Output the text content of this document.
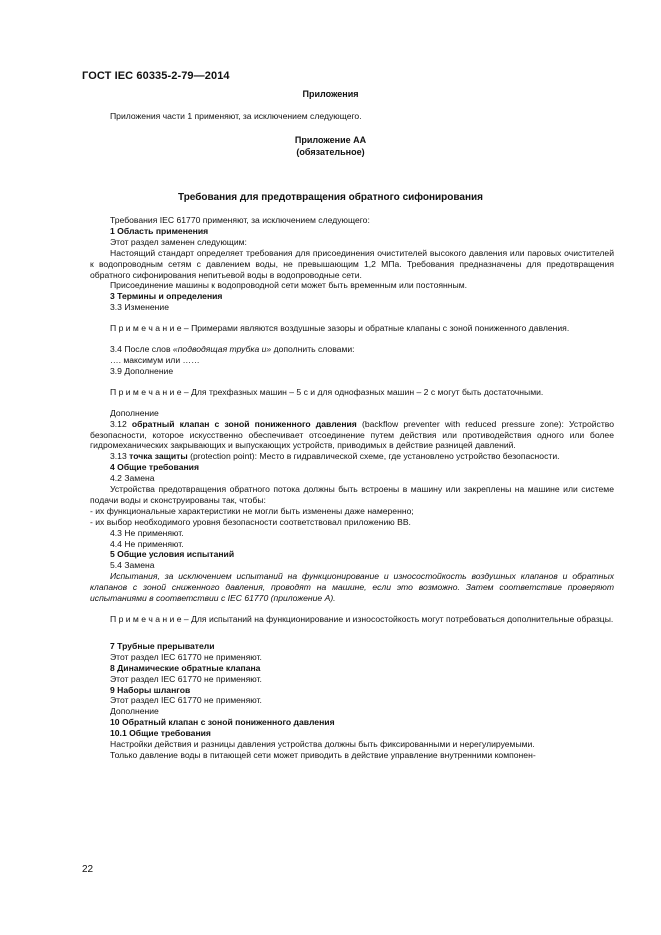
ГОСТ IEC 60335-2-79—2014
Приложения
Приложения части 1 применяют, за исключением следующего.
Приложение АА
(обязательное)
Требования для предотвращения обратного сифонирования

Требования IEC 61770 применяют, за исключением следующего:

1 Область применения

Этот раздел заменен следующим:

Настоящий стандарт определяет требования для присоединения очистителей высокого давления или паровых очистителей к водопроводным сетям с давлением воды, не превышающим 1,2 МПа. Требования предназначены для предотвращения обратного сифонирования непитьевой воды в водопроводные сети.

Присоединение машины к водопроводной сети может быть временным или постоянным.

3 Термины и определения

3.3 Изменение

П р и м е ч а н и е – Примерами являются воздушные зазоры и обратные клапаны с зоной пониженного давления.

3.4 После слов «подводящая трубка и» дополнить словами:

…. максимум или ……

3.9 Дополнение

П р и м е ч а н и е – Для трехфазных машин – 5 с и для однофазных машин – 2 с могут быть достаточными.

Дополнение

3.12 обратный клапан с зоной пониженного давления (backflow preventer with reduced pressure zone): Устройство безопасности, которое искусственно обеспечивает отсоединение путем действия или противодействия одного или более гидромеханических закрывающих и выпускающих устройств, приводимых в действие разницей давлений.

3.13 точка защиты (protection point): Место в гидравлической схеме, где установлено устройство безопасности.

4 Общие требования

4.2 Замена

Устройства предотвращения обратного потока должны быть встроены в машину или закреплены на машине или системе подачи воды и сконструированы так, чтобы:

- их функциональные характеристики не могли быть изменены даже намеренно;

- их выбор необходимого уровня безопасности соответствовал приложению ВВ.

4.3 Не применяют.

4.4 Не применяют.

5 Общие условия испытаний

5.4 Замена

Испытания, за исключением испытаний на функционирование и износостойкость воздушных клапанов и обратных клапанов с зоной сниженного давления, проводят на машине, если это возможно. Затем соответствие проверяют испытаниями в соответствии с IEC 61770 (приложение А).

П р и м е ч а н и е – Для испытаний на функционирование и износостойкость могут потребоваться дополнительные образцы.

7 Трубные прерыватели

Этот раздел IEC 61770 не применяют.

8 Динамические обратные клапана

Этот раздел IEC 61770 не применяют.

9 Наборы шлангов

Этот раздел IEC 61770 не применяют.

Дополнение

10 Обратный клапан с зоной пониженного давления

10.1 Общие требования

Настройки действия и разницы давления устройства должны быть фиксированными и нерегулируемыми.

Только давление воды в питающей сети может приводить в действие управление внутренними компонен-

22
